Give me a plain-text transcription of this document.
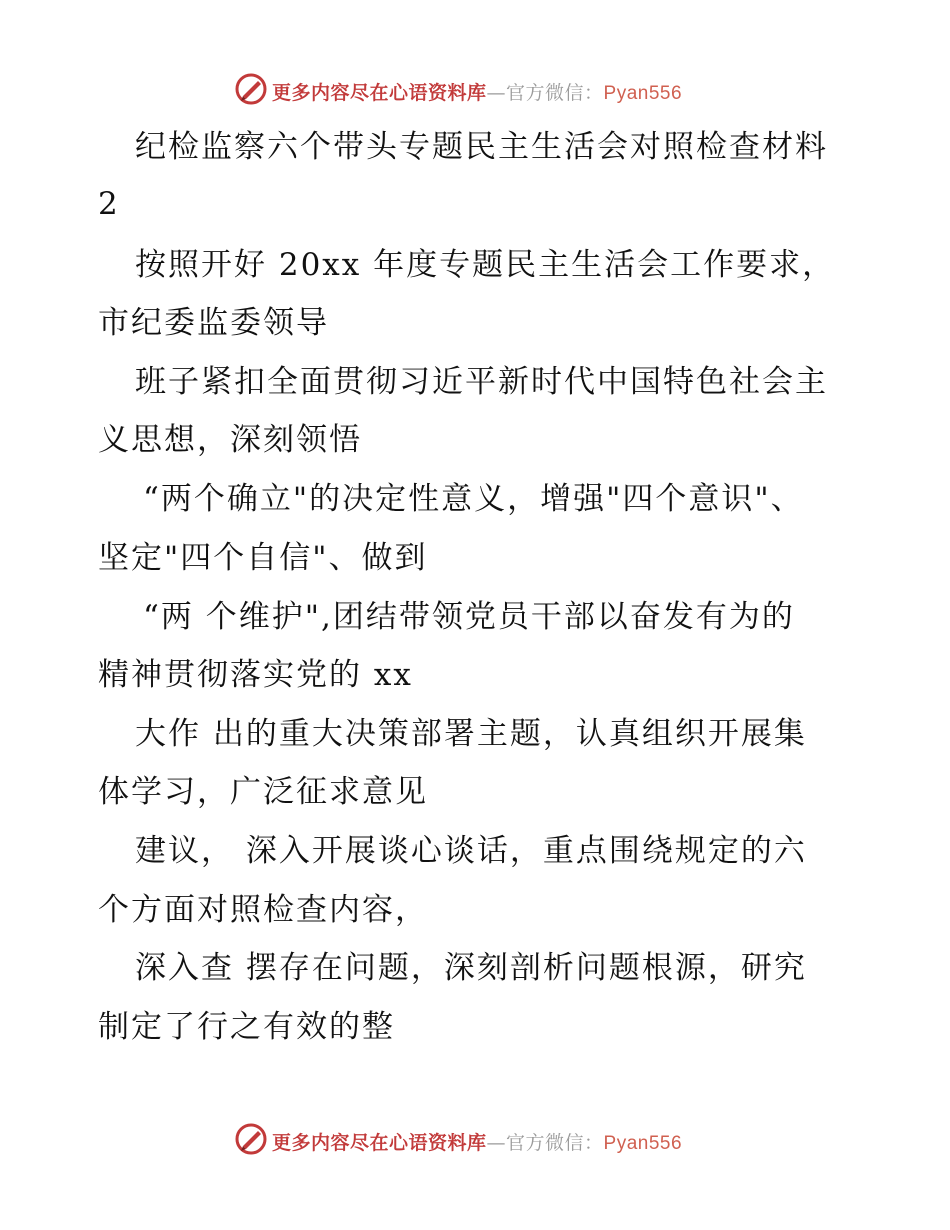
更多内容尽在心语资料库—官方微信：Pyan556
纪检监察六个带头专题民主生活会对照检查材料
2
按照开好 20xx 年度专题民主生活会工作要求，
市纪委监委领导
班子紧扣全面贯彻习近平新时代中国特色社会主
义思想，深刻领悟
“两个确立"的决定性意义，增强"四个意识"、
坚定"四个自信"、做到
“两 个维护",团结带领党员干部以奋发有为的
精神贯彻落实党的 xx
大作 出的重大决策部署主题，认真组织开展集
体学习，广泛征求意见
建议， 深入开展谈心谈话，重点围绕规定的六
个方面对照检查内容，
深入查 摆存在问题，深刻剖析问题根源，研究
制定了行之有效的整
更多内容尽在心语资料库—官方微信：Pyan556
